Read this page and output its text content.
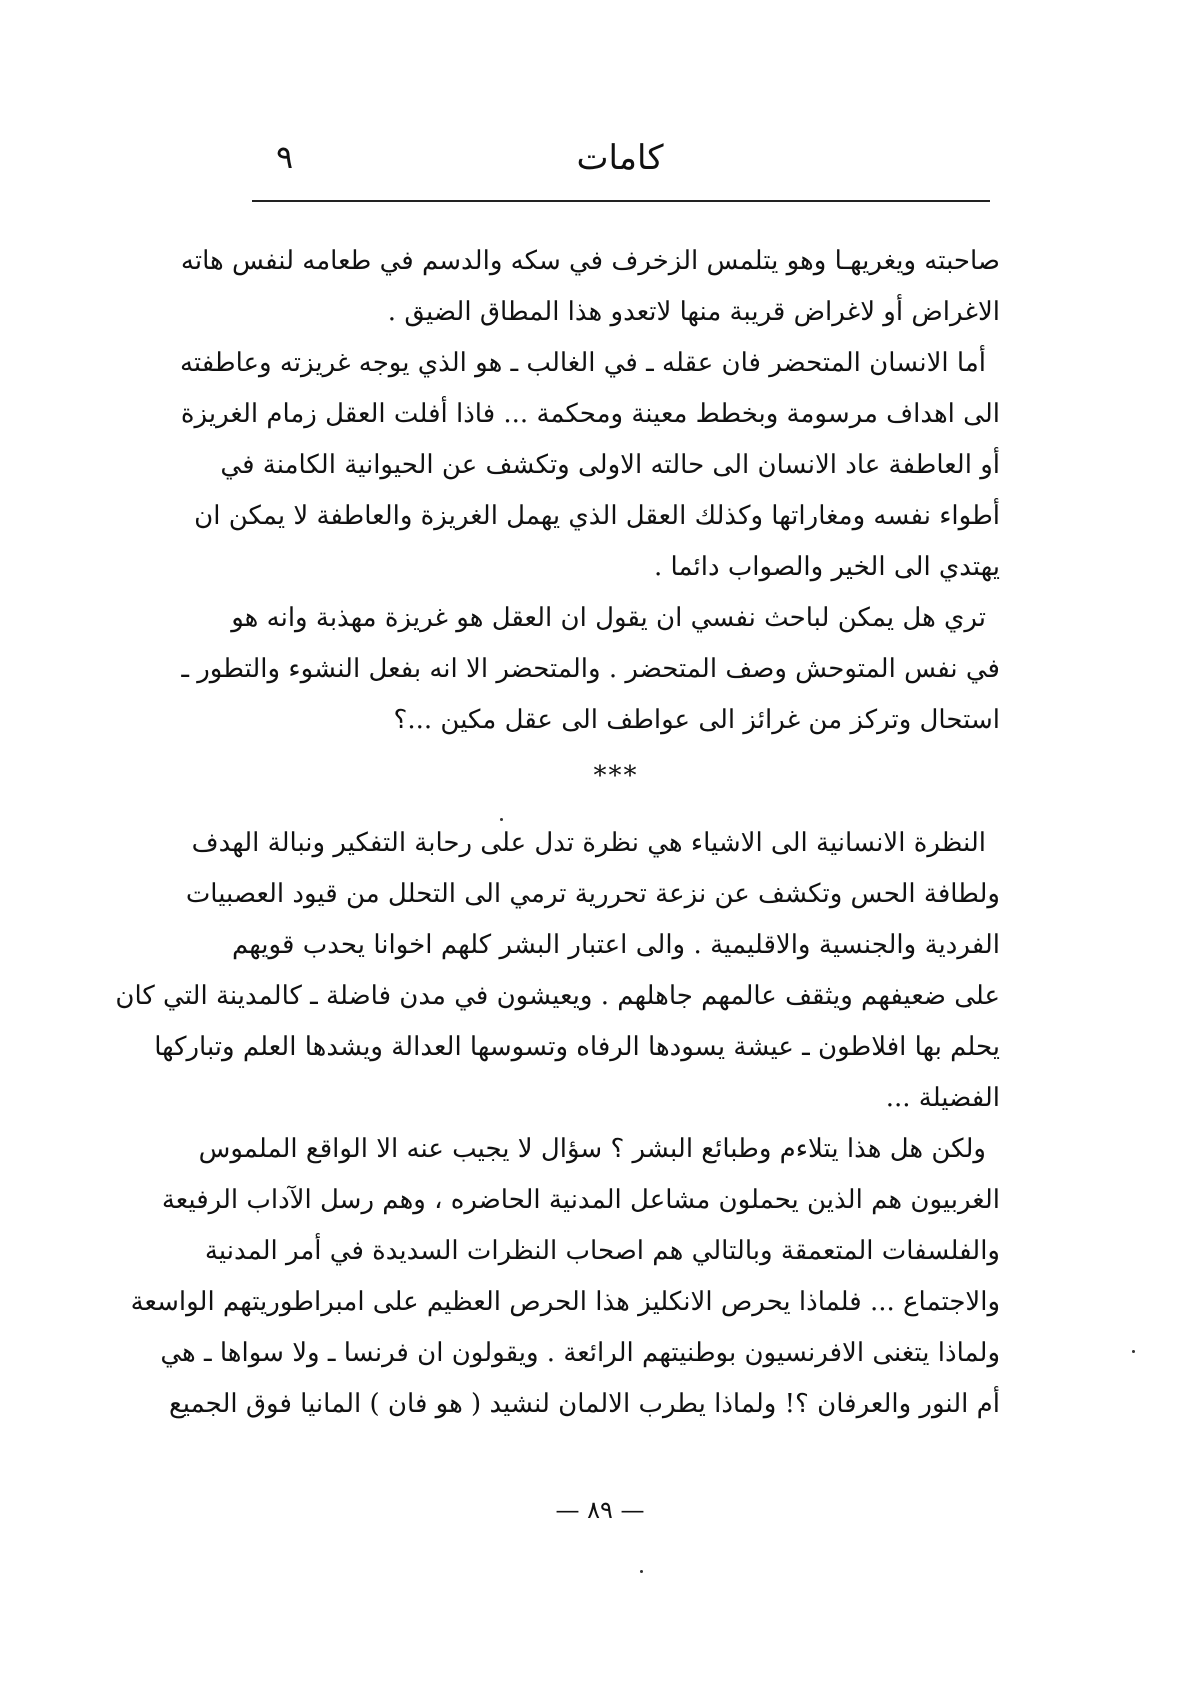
كامات
٩
صاحبته ويغريهـا وهو يتلمس الزخرف في سكه والدسم في طعامه لنفس هاته
الاغراض أو لاغراض قريبة منها لاتعدو هذا المطاق الضيق .
أما الانسان المتحضر فان عقله ـ في الغالب ـ هو الذي يوجه غريزته وعاطفته
الى اهداف مرسومة وبخطط معينة ومحكمة ... فاذا أفلت العقل زمام الغريزة
أو العاطفة عاد الانسان الى حالته الاولى وتكشف عن الحيوانية الكامنة في
أطواء نفسه ومغاراتها وكذلك العقل الذي يهمل الغريزة والعاطفة لا يمكن ان
يهتدي الى الخير والصواب دائما .
تري هل يمكن لباحث نفسي ان يقول ان العقل هو غريزة مهذبة وانه هو
في نفس المتوحش وصف المتحضر . والمتحضر الا انه بفعل النشوء والتطور ـ
استحال وتركز من غرائز الى عواطف الى عقل مكين ...؟
***
النظرة الانسانية الى الاشياء هي نظرة تدل على رحابة التفكير ونبالة الهدف
ولطافة الحس وتكشف عن نزعة تحررية ترمي الى التحلل من قيود العصبيات
الفردية والجنسية والاقليمية . والى اعتبار البشر كلهم اخوانا يحدب قويهم
على ضعيفهم ويثقف عالمهم جاهلهم . ويعيشون في مدن فاضلة ـ كالمدينة التي كان
يحلم بها افلاطون ـ عيشة يسودها الرفاه وتسوسها العدالة ويشدها العلم وتباركها
الفضيلة ...
ولكن هل هذا يتلاءم وطبائع البشر ؟ سؤال لا يجيب عنه الا الواقع الملموس
الغربيون هم الذين يحملون مشاعل المدنية الحاضره ، وهم رسل الآداب الرفيعة
والفلسفات المتعمقة وبالتالي هم اصحاب النظرات السديدة في أمر المدنية
والاجتماع ... فلماذا يحرص الانكليز هذا الحرص العظيم على امبراطوريتهم الواسعة
ولماذا يتغنى الافرنسيون بوطنيتهم الرائعة . ويقولون ان فرنسا ـ ولا سواها ـ هي
أم النور والعرفان ؟! ولماذا يطرب الالمان لنشيد ( هو فان ) المانيا فوق الجميع
— ٨٩ —
